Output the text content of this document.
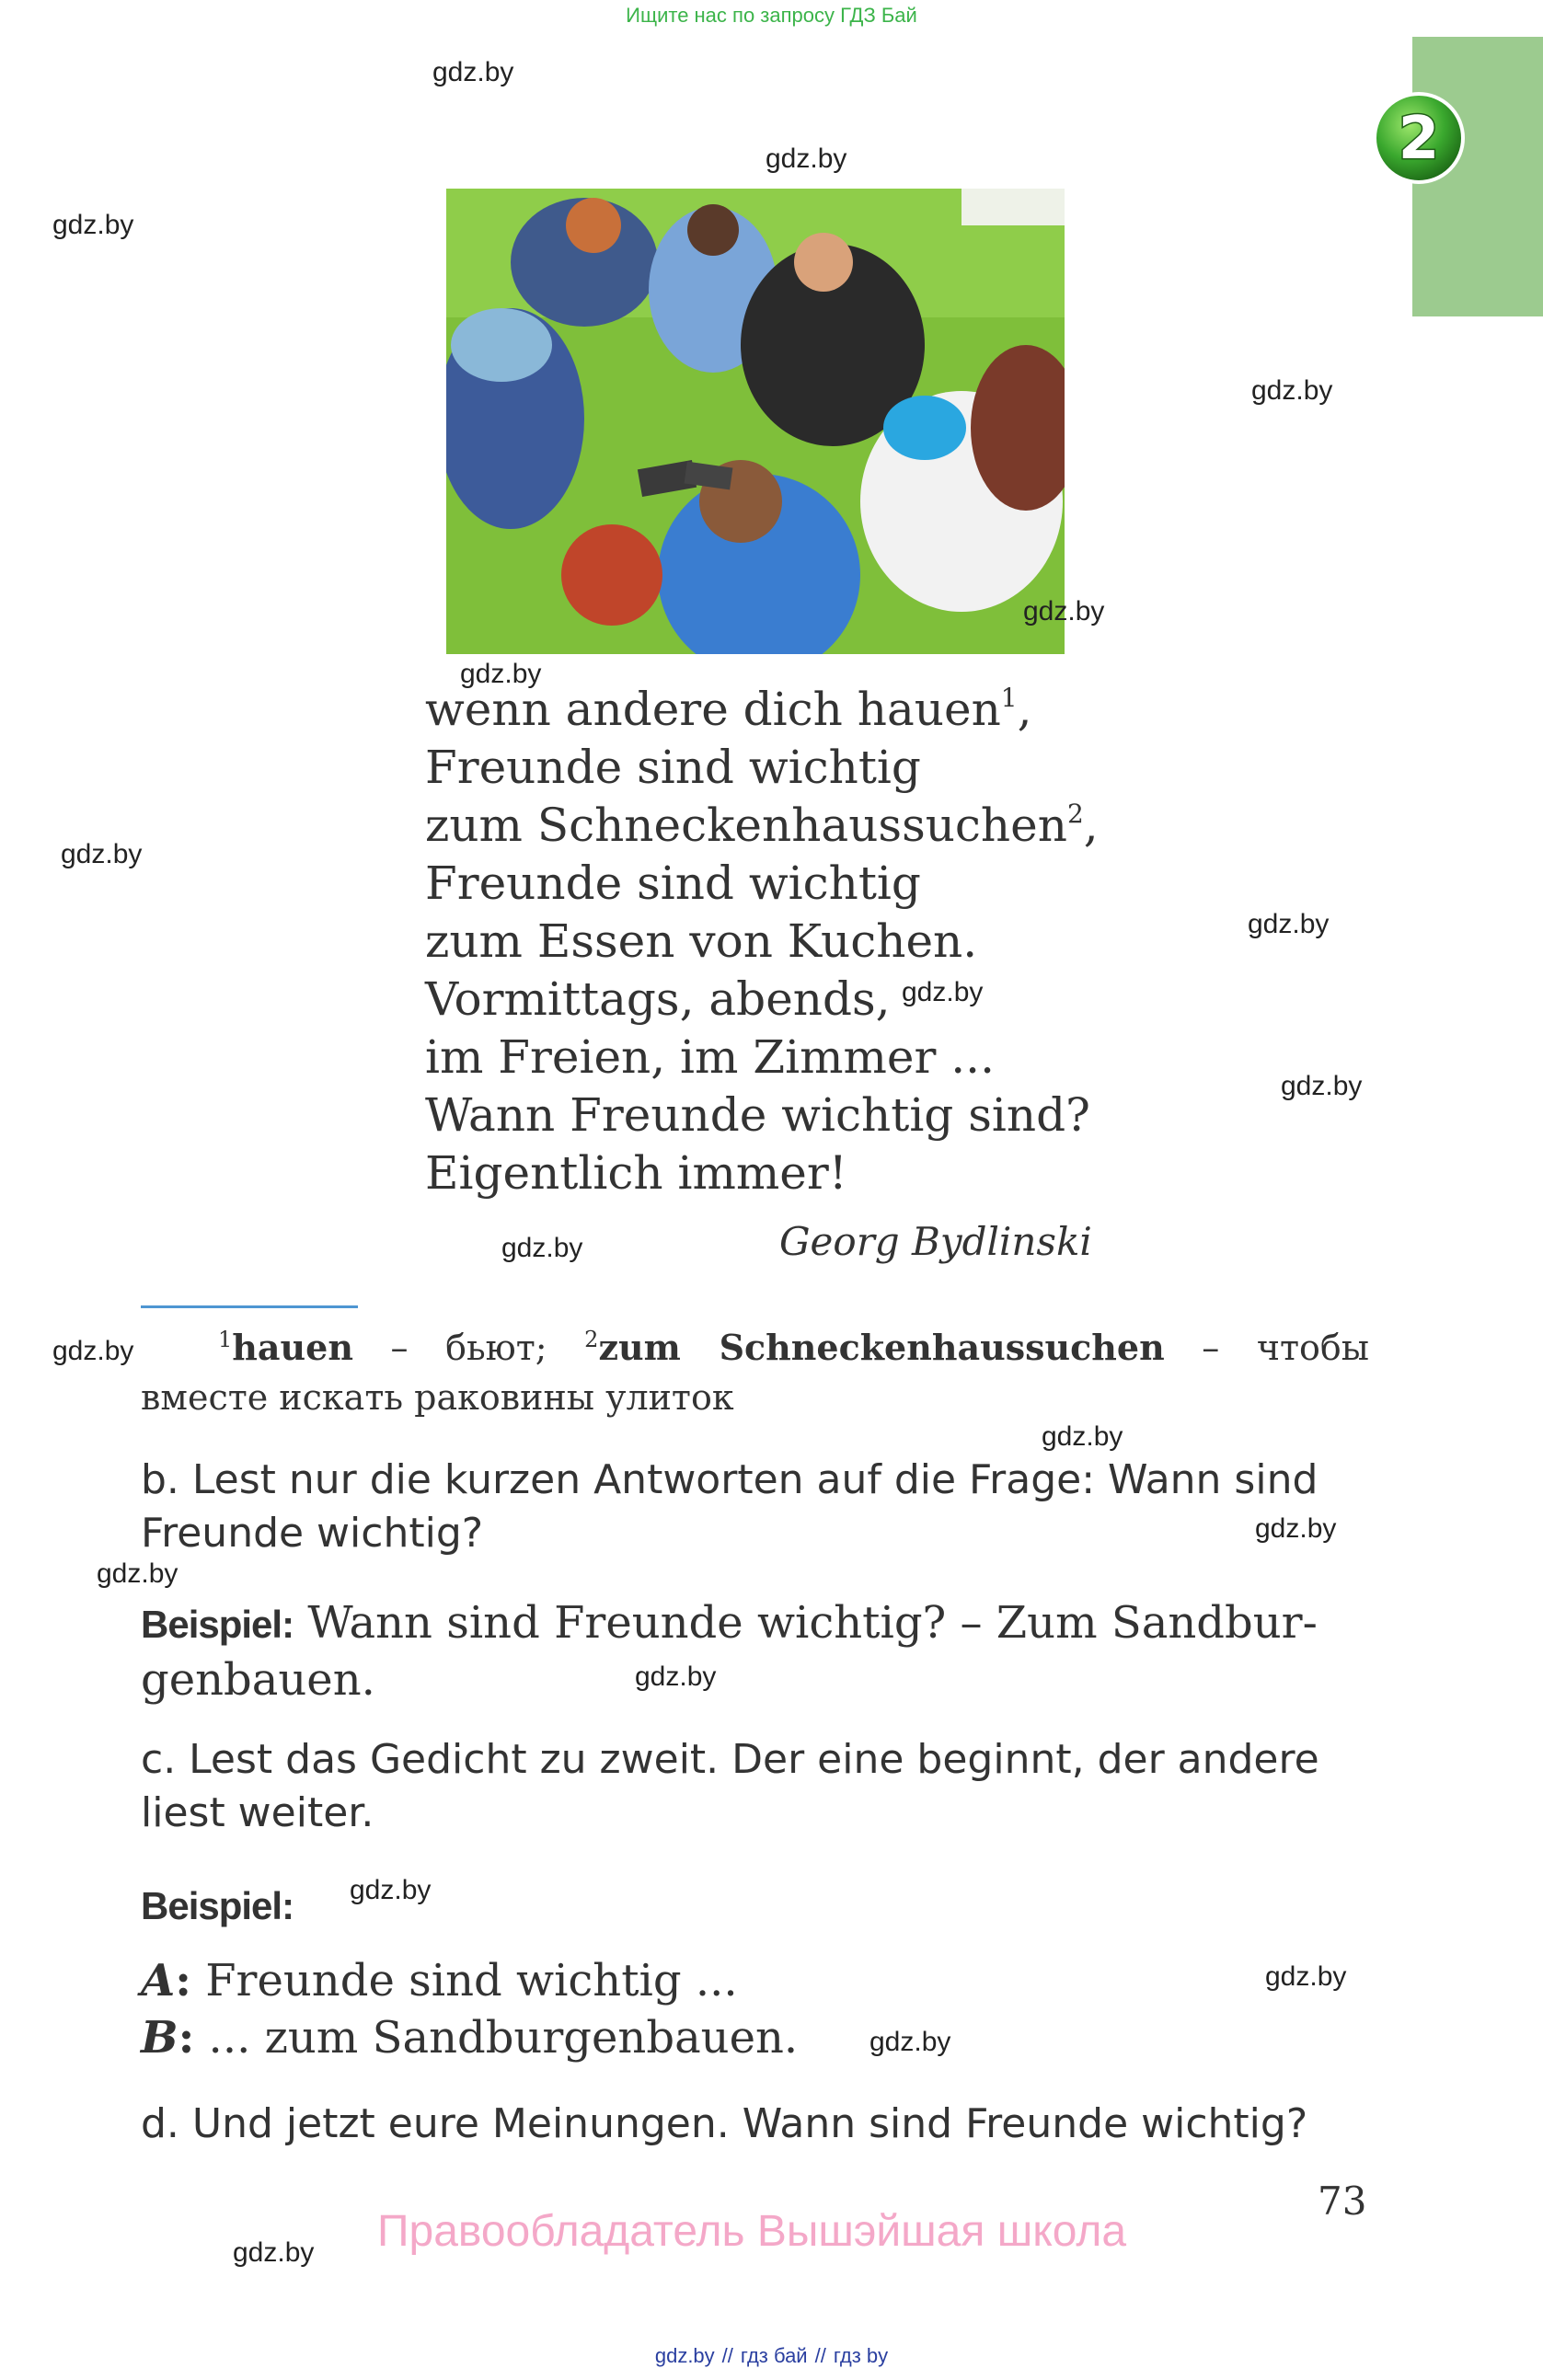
Ищите нас по запросу ГДЗ Бай
2
wenn andere dich hauen$^1$,
Freunde sind wichtig
zum Schneckenhaussuchen$^2$,
Freunde sind wichtig
zum Essen von Kuchen.
Vormittags, abends,
im Freien, im Zimmer ...
Wann Freunde wichtig sind?
Eigentlich immer!
Georg Bydlinski
$^1$hauen – бьют; $^2$zum Schneckenhaussuchen – чтобы
вместе искать раковины улиток
b. Lest nur die kurzen Antworten auf die Frage: Wann sind Freunde wichtig?
Beispiel: Wann sind Freunde wichtig? – Zum Sandbur-
genbauen.
c. Lest das Gedicht zu zweit. Der eine beginnt, der andere liest weiter.
Beispiel:
A: Freunde sind wichtig ...
B: ... zum Sandburgenbauen.
d. Und jetzt eure Meinungen. Wann sind Freunde wichtig?
73
Правообладатель Вышэйшая школа
gdz.by
gdz.by
gdz.by
gdz.by
gdz.by
gdz.by
gdz.by
gdz.by
gdz.by
gdz.by
gdz.by
gdz.by
gdz.by
gdz.by
gdz.by
gdz.by
gdz.by
gdz.by
gdz.by
gdz.by
gdz.by // гдз бай // гдз by
